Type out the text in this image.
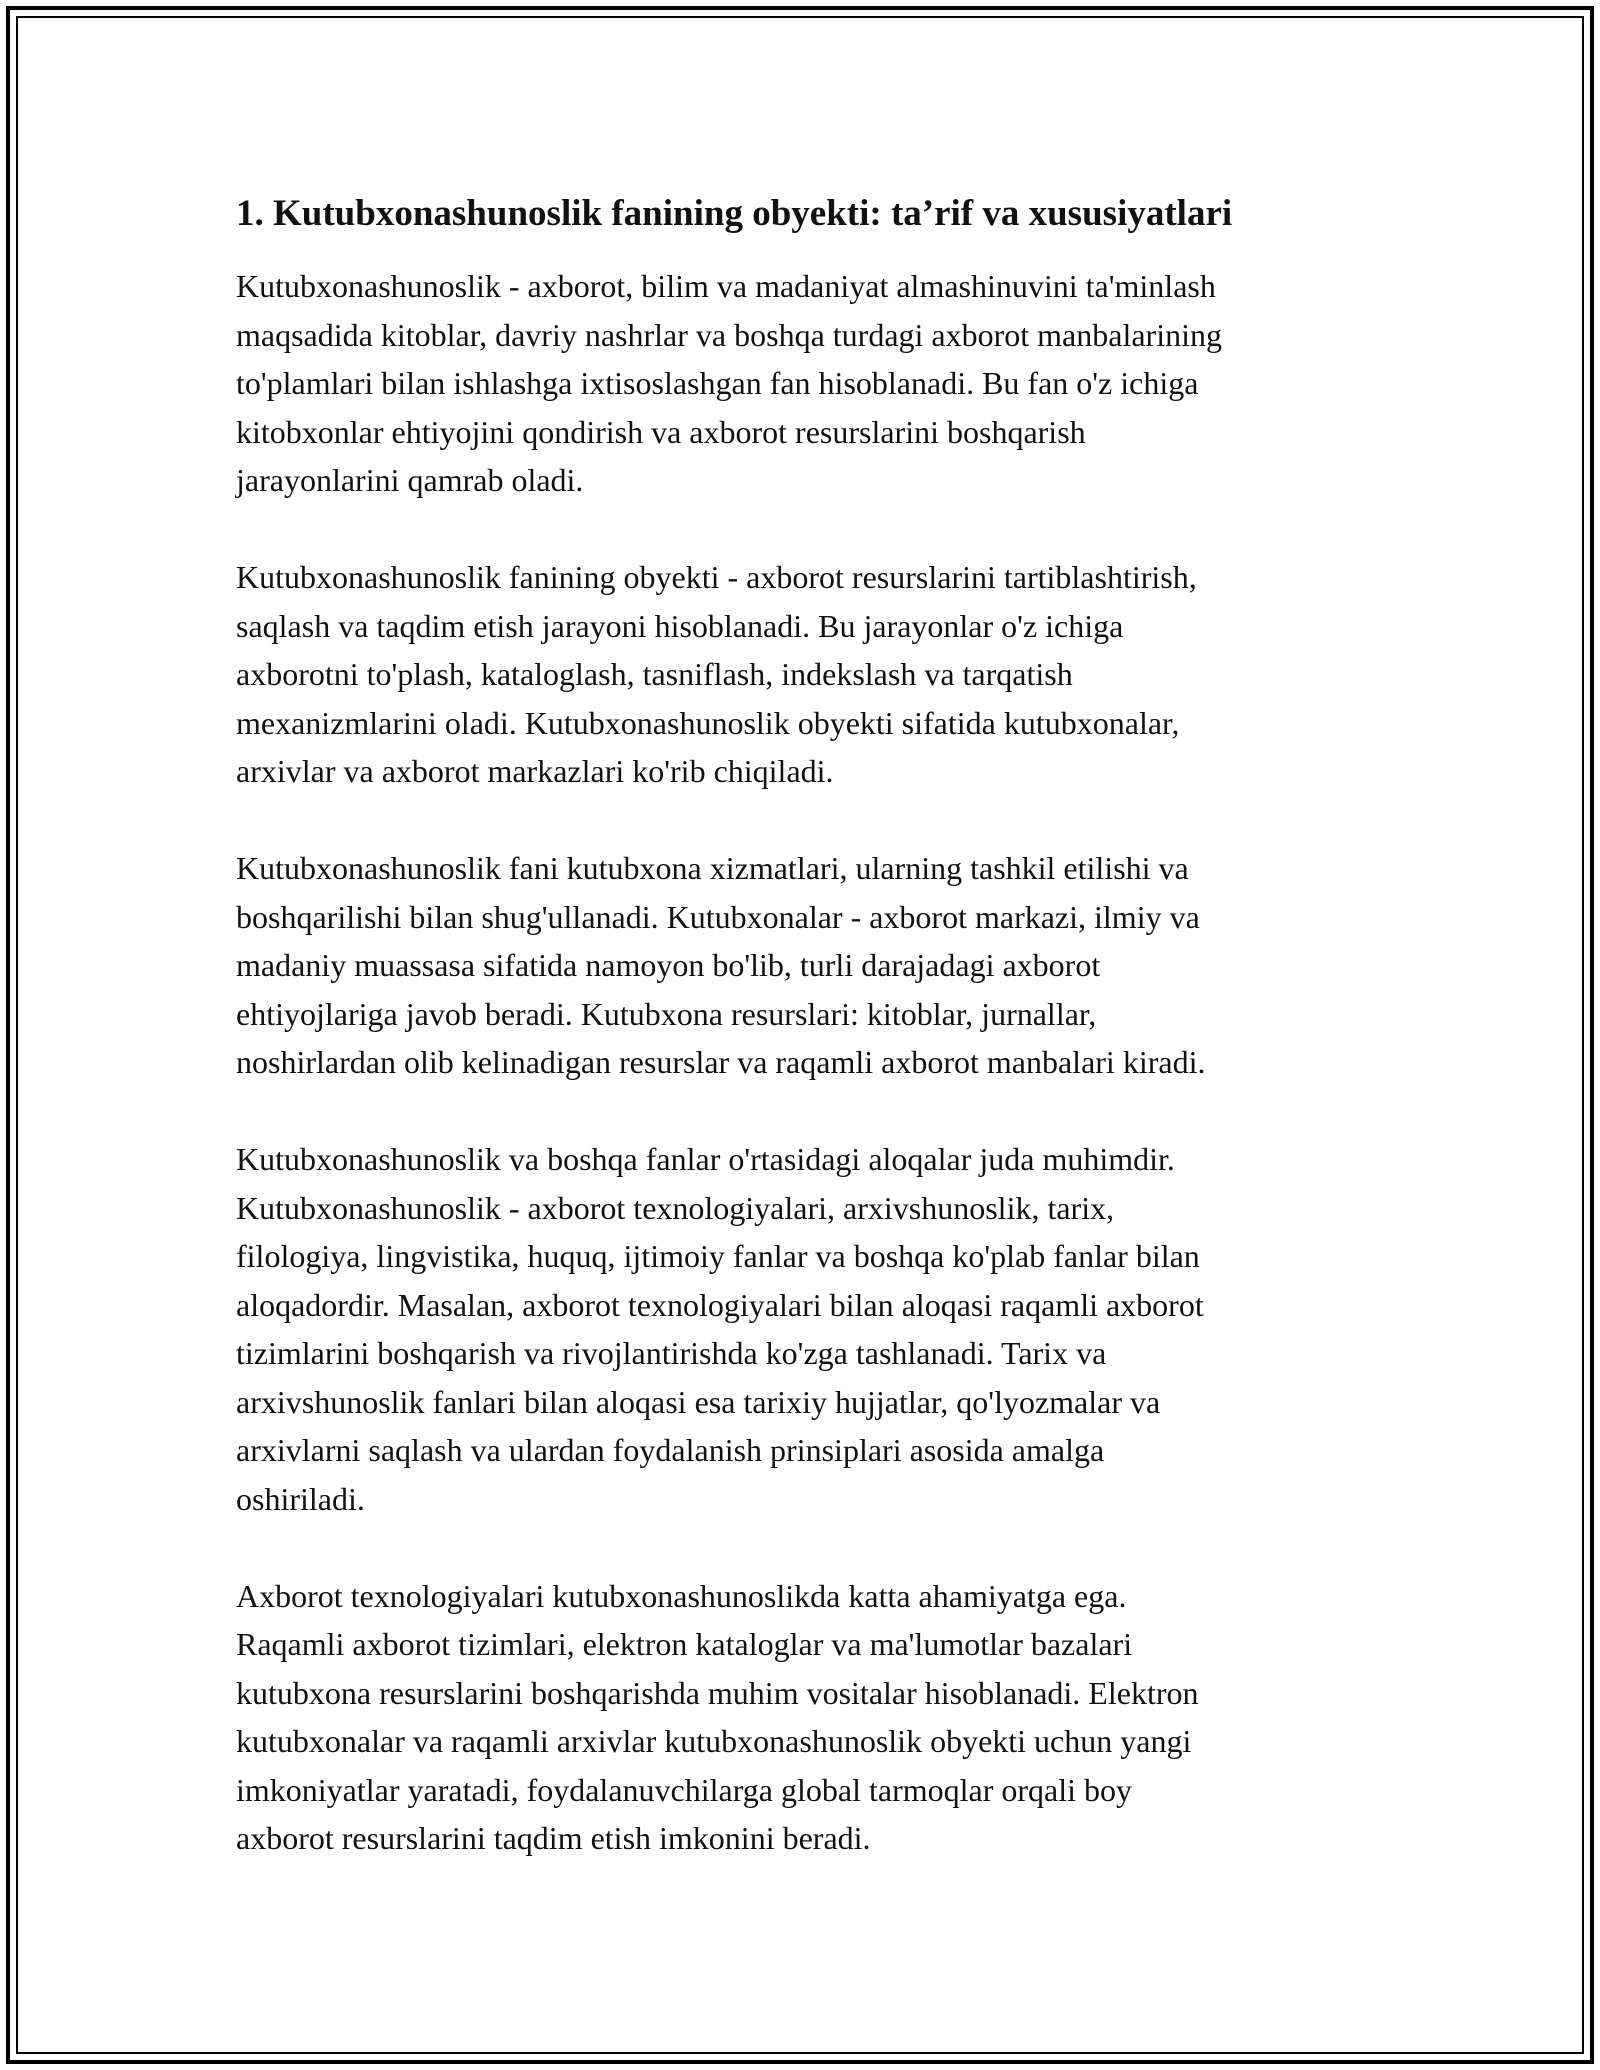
1. Kutubxonashunoslik fanining obyekti: ta’rif va xususiyatlari

Kutubxonashunoslik - axborot, bilim va madaniyat almashinuvini ta'minlash
maqsadida kitoblar, davriy nashrlar va boshqa turdagi axborot manbalarining
to'plamlari bilan ishlashga ixtisoslashgan fan hisoblanadi. Bu fan o'z ichiga
kitobxonlar ehtiyojini qondirish va axborot resurslarini boshqarish
jarayonlarini qamrab oladi.

Kutubxonashunoslik fanining obyekti - axborot resurslarini tartiblashtirish,
saqlash va taqdim etish jarayoni hisoblanadi. Bu jarayonlar o'z ichiga
axborotni to'plash, kataloglash, tasniflash, indekslash va tarqatish
mexanizmlarini oladi. Kutubxonashunoslik obyekti sifatida kutubxonalar,
arxivlar va axborot markazlari ko'rib chiqiladi.

Kutubxonashunoslik fani kutubxona xizmatlari, ularning tashkil etilishi va
boshqarilishi bilan shug'ullanadi. Kutubxonalar - axborot markazi, ilmiy va
madaniy muassasa sifatida namoyon bo'lib, turli darajadagi axborot
ehtiyojlariga javob beradi. Kutubxona resurslari: kitoblar, jurnallar,
noshirlardan olib kelinadigan resurslar va raqamli axborot manbalari kiradi.

Kutubxonashunoslik va boshqa fanlar o'rtasidagi aloqalar juda muhimdir.
Kutubxonashunoslik - axborot texnologiyalari, arxivshunoslik, tarix,
filologiya, lingvistika, huquq, ijtimoiy fanlar va boshqa ko'plab fanlar bilan
aloqadordir. Masalan, axborot texnologiyalari bilan aloqasi raqamli axborot
tizimlarini boshqarish va rivojlantirishda ko'zga tashlanadi. Tarix va
arxivshunoslik fanlari bilan aloqasi esa tarixiy hujjatlar, qo'lyozmalar va
arxivlarni saqlash va ulardan foydalanish prinsiplari asosida amalga
oshiriladi.

Axborot texnologiyalari kutubxonashunoslikda katta ahamiyatga ega.
Raqamli axborot tizimlari, elektron kataloglar va ma'lumotlar bazalari
kutubxona resurslarini boshqarishda muhim vositalar hisoblanadi. Elektron
kutubxonalar va raqamli arxivlar kutubxonashunoslik obyekti uchun yangi
imkoniyatlar yaratadi, foydalanuvchilarga global tarmoqlar orqali boy
axborot resurslarini taqdim etish imkonini beradi.
